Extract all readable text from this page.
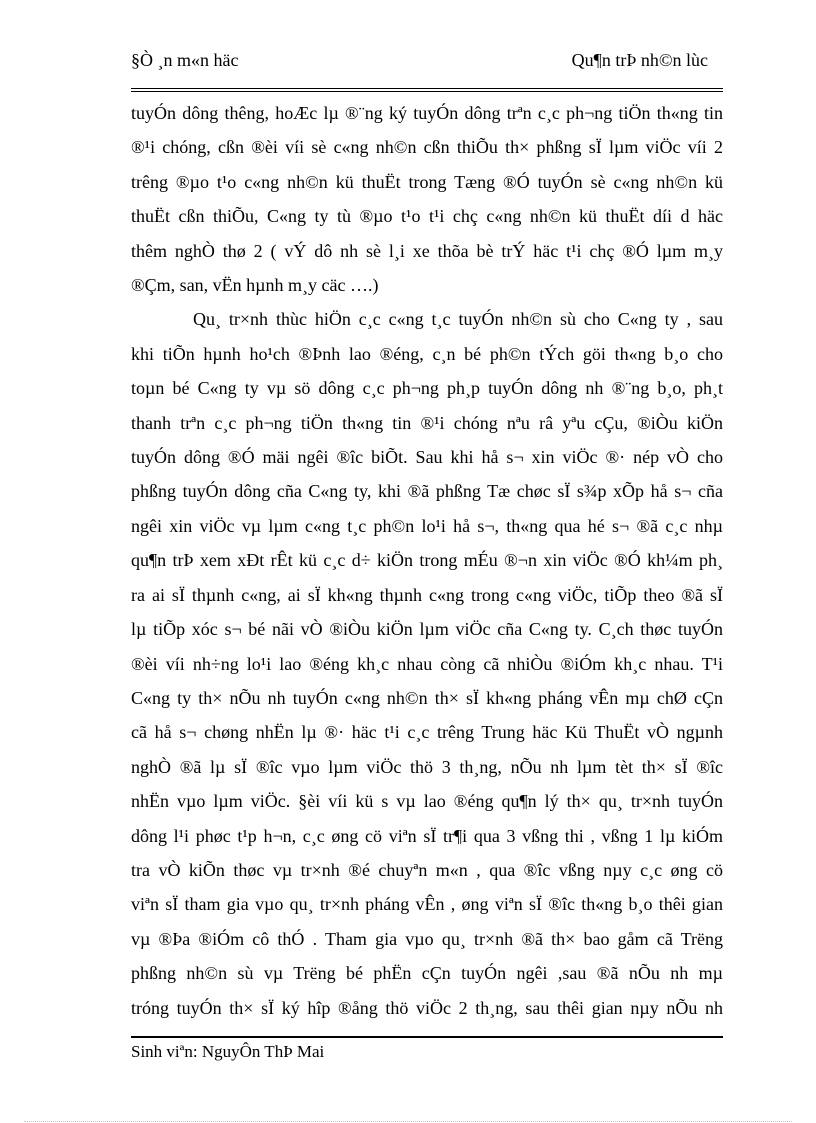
§Ò ¸n m«n häc	Qu¶n trÞ nh©n lùc
tuyÓn dông thêng, hoÆc lµ ®¨ng ký tuyÓn dông trªn c¸c ph¬ng tiÖn th«ng tin
®¹i chóng, cßn ®èi víi sè c«ng nh©n cßn thiÕu th× phßng sÏ lµm viÖc víi 2
trêng ®µo t¹o c«ng nh©n kü thuËt trong Tæng ®Ó tuyÓn sè c«ng nh©n kü
thuËt cßn thiÕu, C«ng ty tù ®µo t¹o t¹i chç c«ng nh©n kü thuËt díi d häc
thêm nghÒ thø 2 ( vÝ dô nh sè l¸i xe thõa bè trÝ häc t¹i chç ®Ó lµm m¸y
®Çm, san, vËn hµnh m¸y cäc ….)
Qu¸ tr×nh thùc hiÖn c¸c c«ng t¸c tuyÓn nh©n sù cho C«ng ty , sau
khi tiÕn hµnh ho¹ch ®Þnh lao ®éng, c¸n bé ph©n tÝch göi th«ng b¸o cho
toµn bé C«ng ty vµ sö dông c¸c ph¬ng ph¸p tuyÓn dông nh ®¨ng b¸o, ph¸t
thanh trªn c¸c ph¬ng tiÖn th«ng tin ®¹i chóng nªu râ yªu cÇu, ®iÒu kiÖn
tuyÓn dông ®Ó mäi ngêi ®îc biÕt. Sau khi hå s¬ xin viÖc ®· nép vÒ cho
phßng tuyÓn dông cña C«ng ty, khi ®ã phßng Tæ chøc sÏ s¾p xÕp hå s¬ cña
ngêi xin viÖc vµ lµm c«ng t¸c ph©n lo¹i hå s¬, th«ng qua hé s¬ ®ã c¸c nhµ
qu¶n trÞ xem xÐt rÊt kü c¸c d÷ kiÖn trong mÉu ®¬n xin viÖc ®Ó kh¼m ph¸
ra ai sÏ thµnh c«ng, ai sÏ kh«ng thµnh c«ng trong c«ng viÖc, tiÕp theo ®ã sÏ
lµ tiÕp xóc s¬ bé nãi vÒ ®iÒu kiÖn lµm viÖc cña C«ng ty. C¸ch thøc tuyÓn
®èi víi nh÷ng lo¹i lao ®éng kh¸c nhau còng cã nhiÒu ®iÓm kh¸c nhau. T¹i
C«ng ty th× nÕu nh tuyÓn c«ng nh©n th× sÏ kh«ng pháng vÊn mµ chØ cÇn
cã hå s¬ chøng nhËn lµ ®· häc t¹i c¸c trêng Trung häc Kü ThuËt vÒ ngµnh
nghÒ ®ã lµ sÏ ®îc vµo lµm viÖc thö 3 th¸ng, nÕu nh lµm tèt th× sÏ ®îc
nhËn vµo lµm viÖc. §èi víi kü s vµ lao ®éng qu¶n lý th× qu¸ tr×nh tuyÓn
dông l¹i phøc t¹p h¬n, c¸c øng cö viªn sÏ tr¶i qua 3 vßng thi , vßng 1 lµ kiÓm
tra vÒ kiÕn thøc vµ tr×nh ®é chuyªn m«n , qua ®îc vßng nµy c¸c øng cö
viªn sÏ tham gia vµo qu¸ tr×nh pháng vÊn , øng viªn sÏ ®îc th«ng b¸o thêi gian
vµ ®Þa ®iÓm cô thÓ . Tham gia vµo qu¸ tr×nh ®ã th× bao gåm cã Trëng
phßng nh©n sù vµ Trëng bé phËn cÇn tuyÓn ngêi ,sau ®ã nÕu nh mµ
tróng tuyÓn th× sÏ ký hîp ®ång thö viÖc 2 th¸ng, sau thêi gian nµy nÕu nh
Sinh viªn: NguyÔn ThÞ Mai
